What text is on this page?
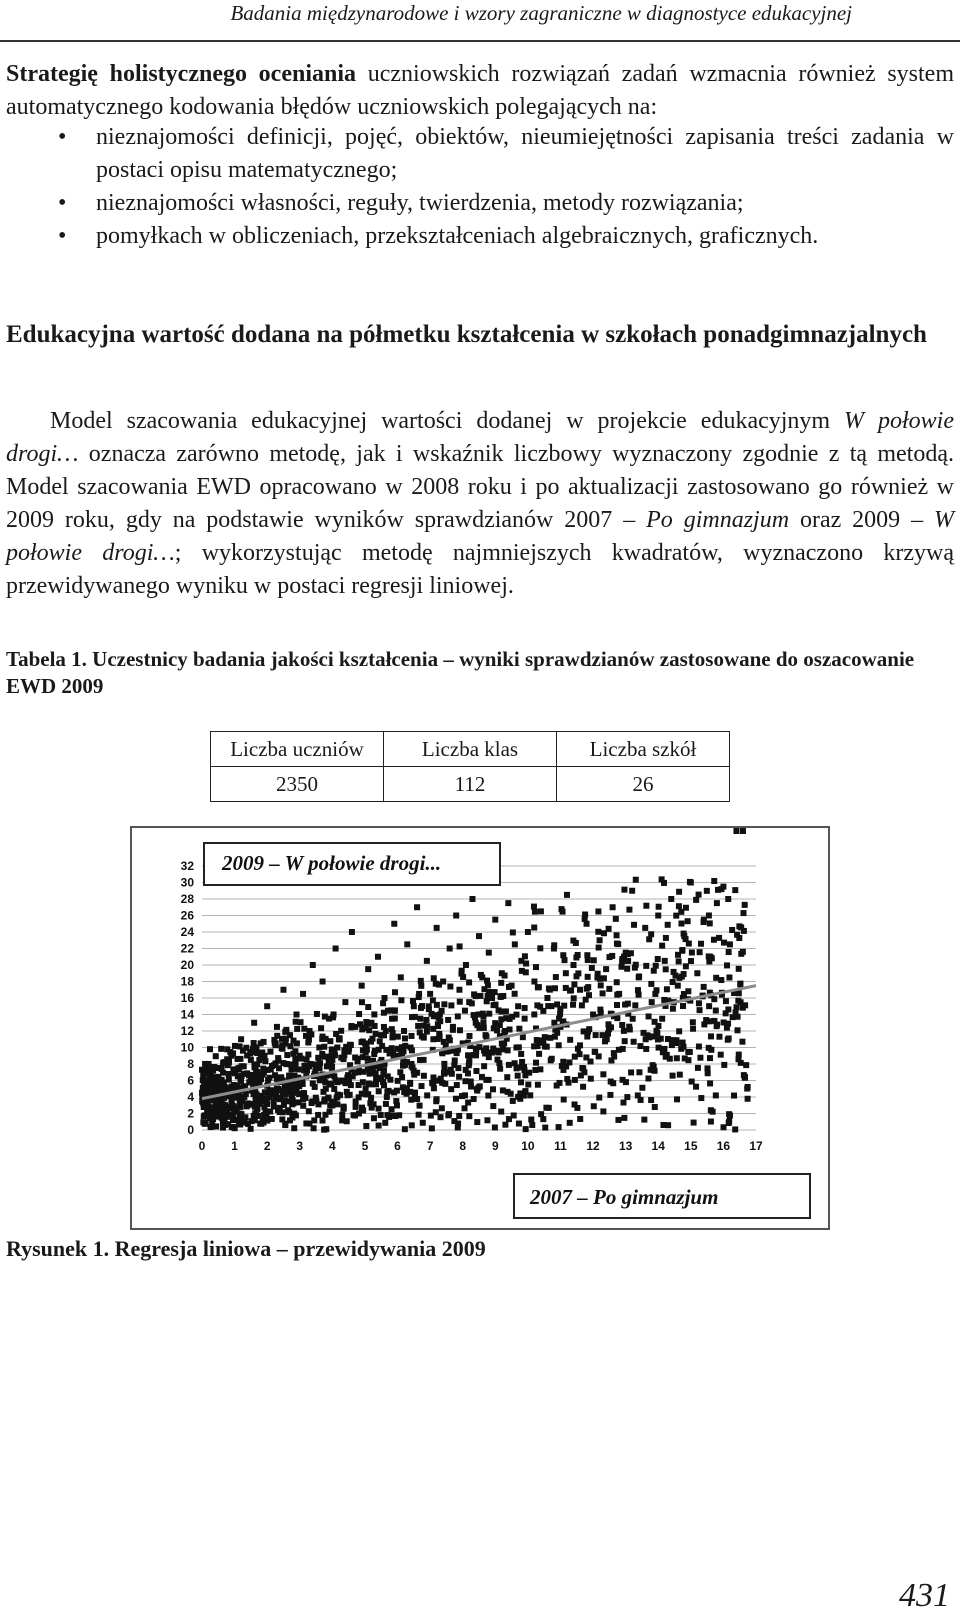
Badania międzynarodowe i wzory zagraniczne w diagnostyce edukacyjnej
Strategię holistycznego oceniania uczniowskich rozwiązań zadań wzmacnia również system automatycznego kodowania błędów uczniowskich polegających na:
• nieznajomości definicji, pojęć, obiektów, nieumiejętności zapisania treści zadania w postaci opisu matematycznego;
• nieznajomości własności, reguły, twierdzenia, metody rozwiązania;
• pomyłkach w obliczeniach, przekształceniach algebraicznych, graficznych.
Edukacyjna wartość dodana na półmetku kształcenia w szkołach ponadgimnazjalnych
Model szacowania edukacyjnej wartości dodanej w projekcie edukacyjnym W połowie drogi… oznacza zarówno metodę, jak i wskaźnik liczbowy wyznaczony zgodnie z tą metodą. Model szacowania EWD opracowano w 2008 roku i po aktualizacji zastosowano go również w 2009 roku, gdy na podstawie wyników sprawdzianów 2007 – Po gimnazjum oraz 2009 – W połowie drogi…; wykorzystując metodę najmniejszych kwadratów, wyznaczono krzywą przewidywanego wyniku w postaci regresji liniowej.
Tabela 1. Uczestnicy badania jakości kształcenia – wyniki sprawdzianów zastosowane do oszacowanie EWD 2009
Liczba uczniów	Liczba klas	Liczba szkół
2350	112	26
0
2
4
6
8
10
12
14
16
18
20
22
24
26
28
30
32
0 1 2 3 4 5 6 7 8 9 10 11 12 13 14 15 16 17
2009 – W połowie drogi...
2007 – Po gimnazjum
Rysunek 1. Regresja liniowa – przewidywania 2009
431
